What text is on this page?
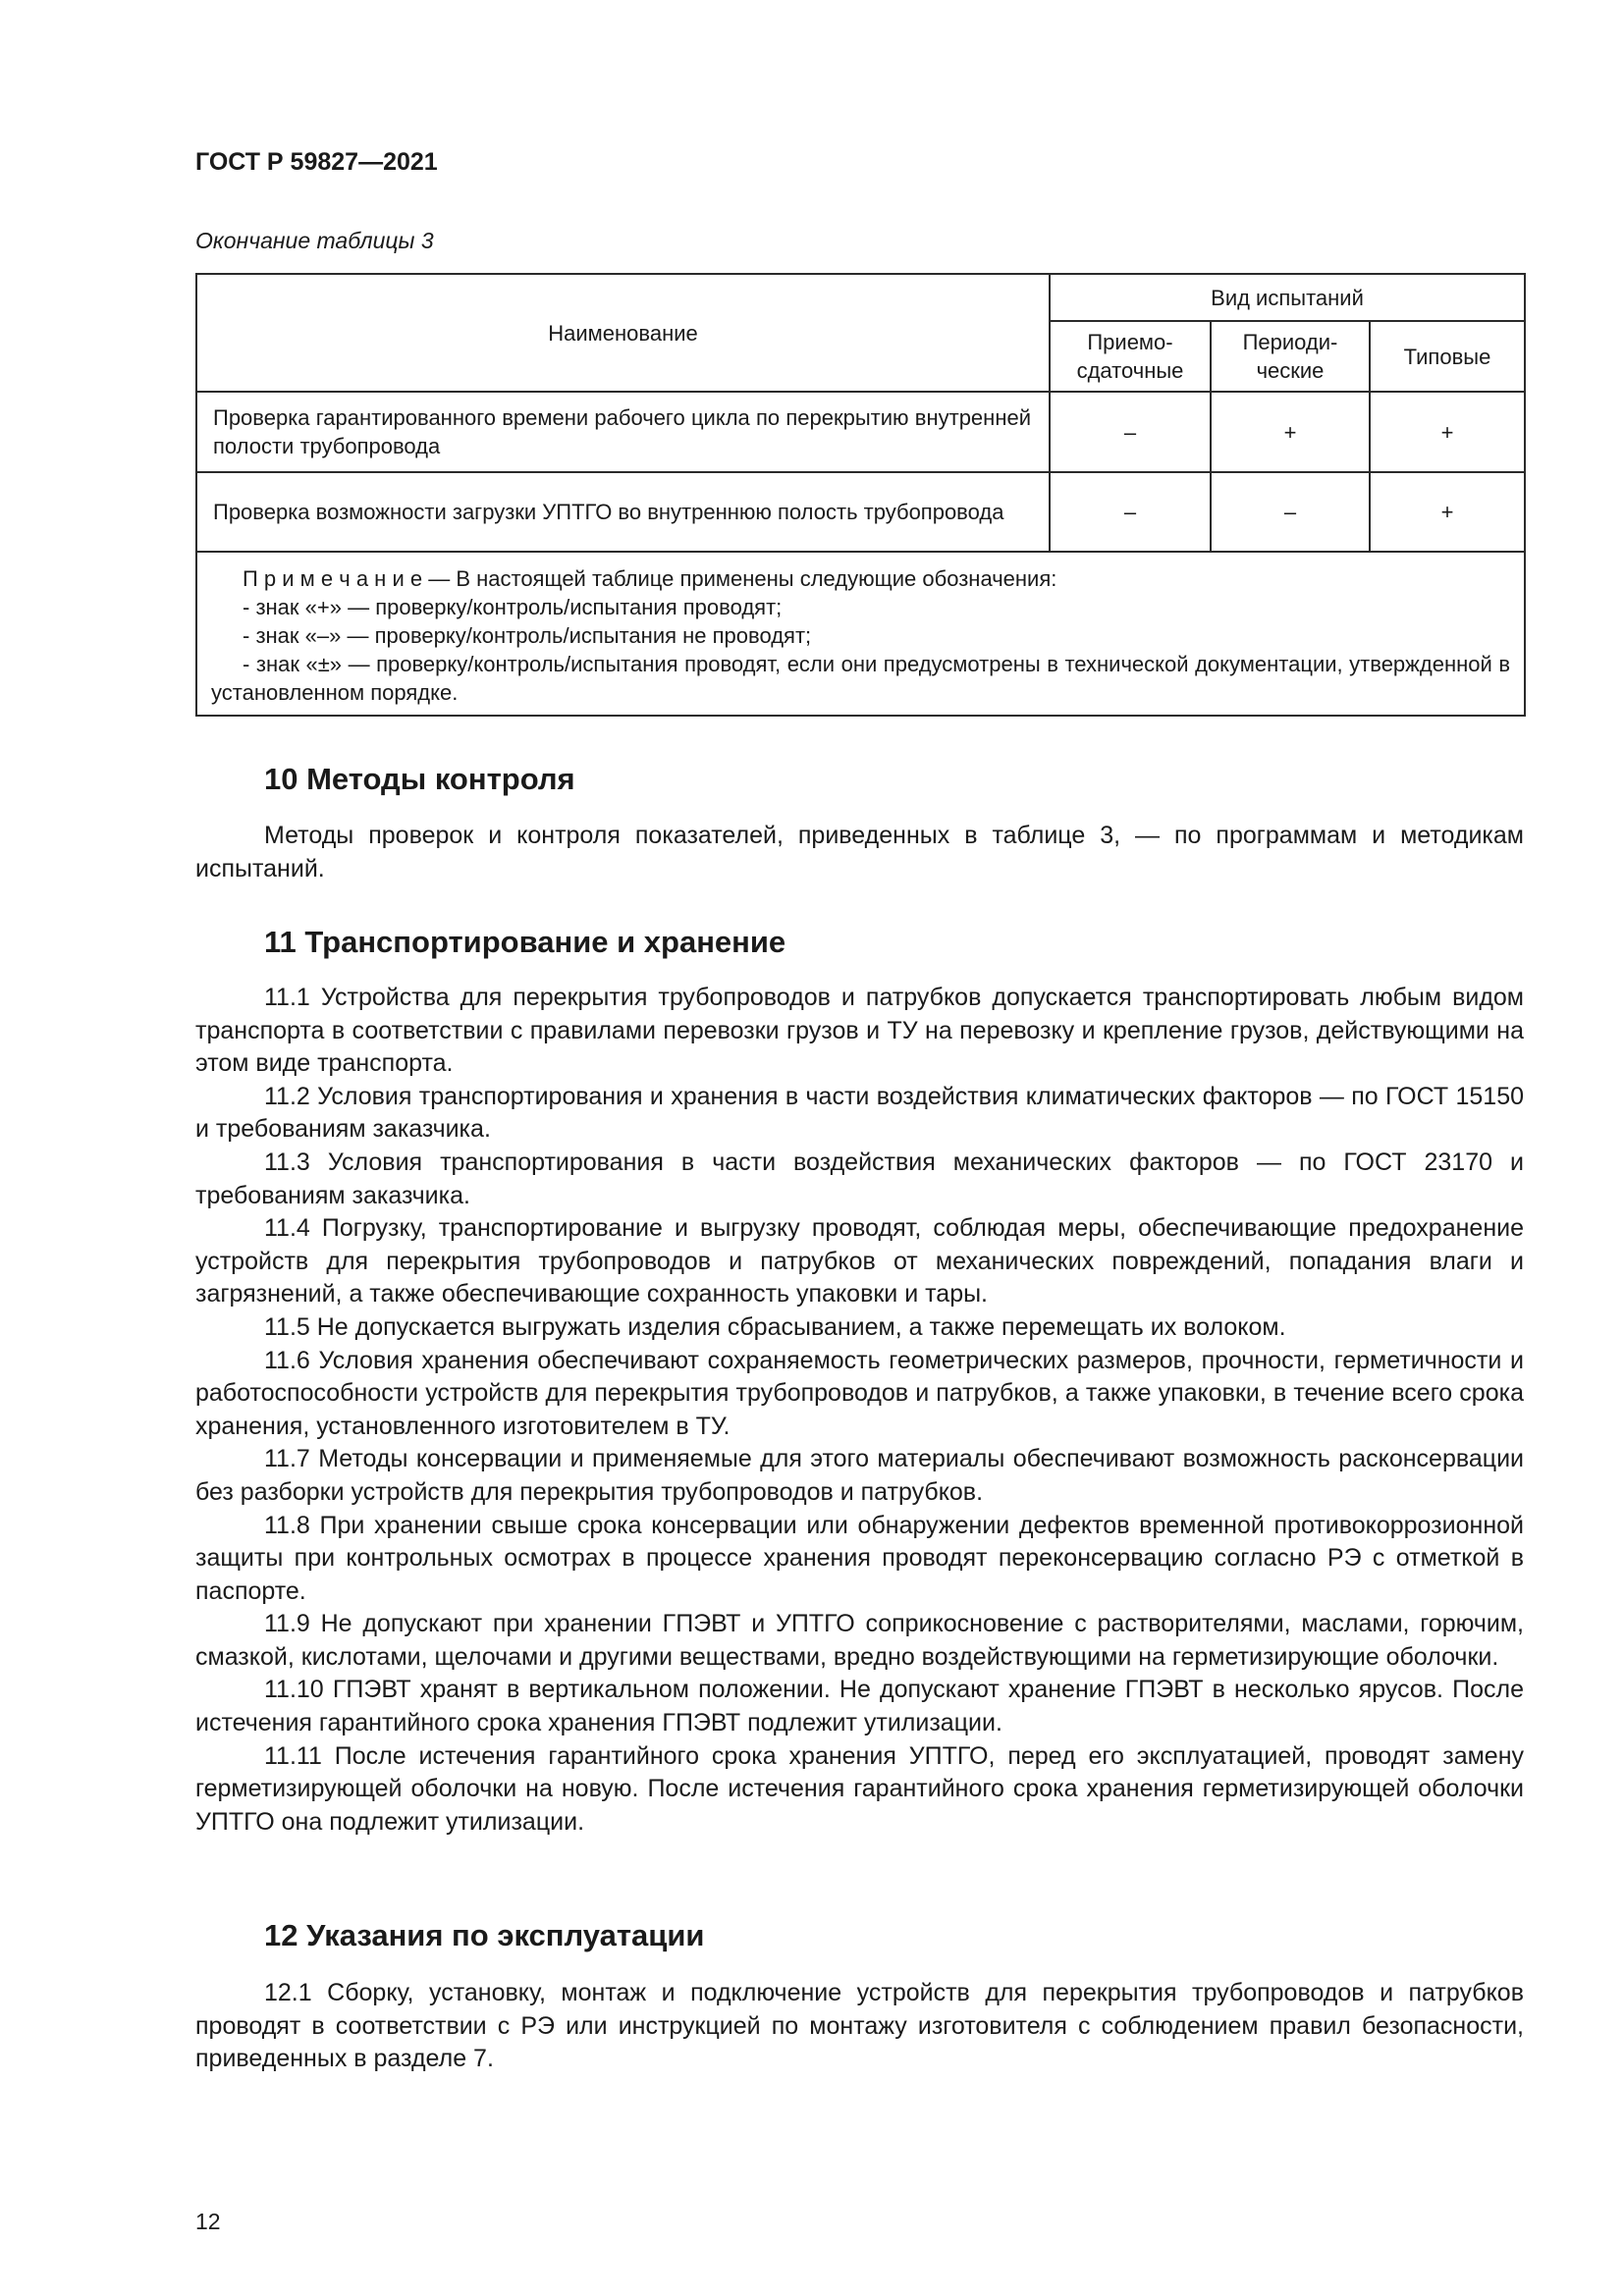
ГОСТ Р 59827—2021
Окончание таблицы 3
Наименование	Вид испытаний		
	Приемо-сдаточные	Периоди-ческие	Типовые
Проверка гарантированного времени рабочего цикла по перекрытию внутренней полости трубопровода	–	+	+
Проверка возможности загрузки УПТГО во внутреннюю полость трубопровода	–	–	+

П р и м е ч а н и е — В настоящей таблице применены следующие обозначения:
- знак «+» — проверку/контроль/испытания проводят;
- знак «–» — проверку/контроль/испытания не проводят;
- знак «±» — проверку/контроль/испытания проводят, если они предусмотрены в технической документации, утвержденной в установленном порядке.			
10 Методы контроля

Методы проверок и контроля показателей, приведенных в таблице 3, — по программам и методикам испытаний.

11 Транспортирование и хранение

11.1 Устройства для перекрытия трубопроводов и патрубков допускается транспортировать любым видом транспорта в соответствии с правилами перевозки грузов и ТУ на перевозку и крепление грузов, действующими на этом виде транспорта.

11.2 Условия транспортирования и хранения в части воздействия климатических факторов — по ГОСТ 15150 и требованиям заказчика.

11.3 Условия транспортирования в части воздействия механических факторов — по ГОСТ 23170 и требованиям заказчика.

11.4 Погрузку, транспортирование и выгрузку проводят, соблюдая меры, обеспечивающие предохранение устройств для перекрытия трубопроводов и патрубков от механических повреждений, попадания влаги и загрязнений, а также обеспечивающие сохранность упаковки и тары.

11.5 Не допускается выгружать изделия сбрасыванием, а также перемещать их волоком.

11.6 Условия хранения обеспечивают сохраняемость геометрических размеров, прочности, герметичности и работоспособности устройств для перекрытия трубопроводов и патрубков, а также упаковки, в течение всего срока хранения, установленного изготовителем в ТУ.

11.7 Методы консервации и применяемые для этого материалы обеспечивают возможность расконсервации без разборки устройств для перекрытия трубопроводов и патрубков.

11.8 При хранении свыше срока консервации или обнаружении дефектов временной противокоррозионной защиты при контрольных осмотрах в процессе хранения проводят переконсервацию согласно РЭ с отметкой в паспорте.

11.9 Не допускают при хранении ГПЭВТ и УПТГО соприкосновение с растворителями, маслами, горючим, смазкой, кислотами, щелочами и другими веществами, вредно воздействующими на герметизирующие оболочки.

11.10 ГПЭВТ хранят в вертикальном положении. Не допускают хранение ГПЭВТ в несколько ярусов. После истечения гарантийного срока хранения ГПЭВТ подлежит утилизации.

11.11 После истечения гарантийного срока хранения УПТГО, перед его эксплуатацией, проводят замену герметизирующей оболочки на новую. После истечения гарантийного срока хранения герметизирующей оболочки УПТГО она подлежит утилизации.

12 Указания по эксплуатации

12.1 Сборку, установку, монтаж и подключение устройств для перекрытия трубопроводов и патрубков проводят в соответствии с РЭ или инструкцией по монтажу изготовителя с соблюдением правил безопасности, приведенных в разделе 7.

12
